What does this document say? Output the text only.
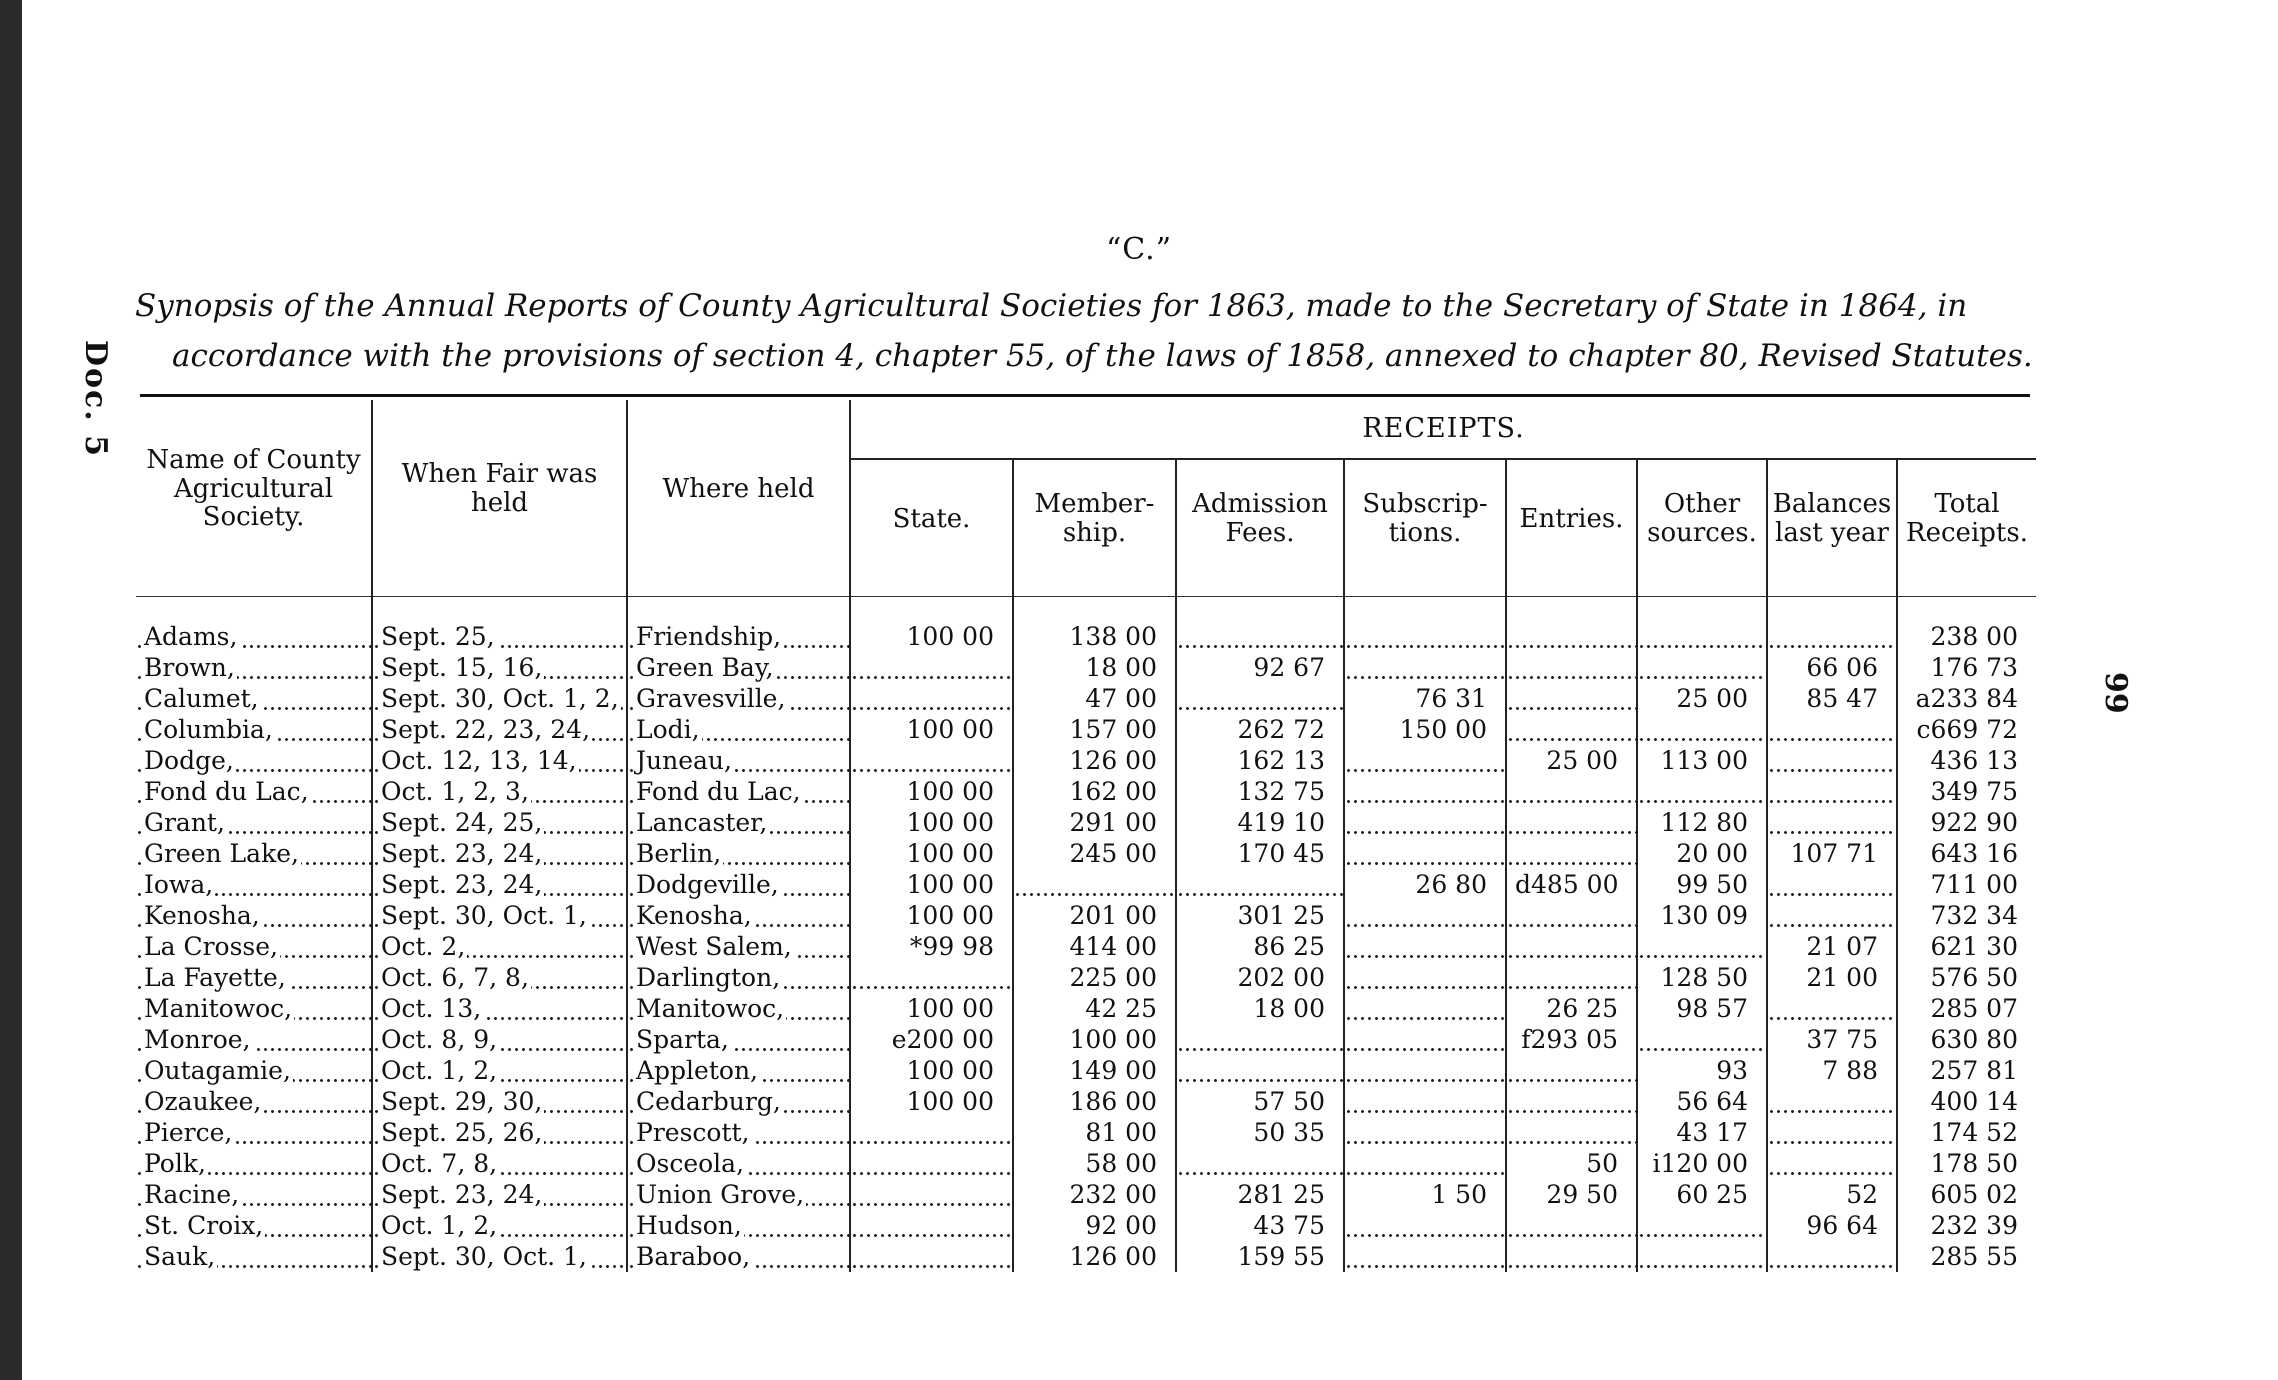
Doc. 5
99
“C.”
Synopsis of the Annual Reports of County Agricultural Societies for 1863, made to the Secretary of State in 1864, in
accordance with the provisions of section 4, chapter 55, of the laws of 1858, annexed to chapter 80, Revised Statutes.
Name of County Agricultural Society.	When Fair was held	Where held	RECEIPTS.							
			State.	Member-ship.	Admission Fees.	Subscrip-tions.	Entries.	Other sources.	Balances last year	Total Receipts.

Adams,	Sept. 25,	Friendship,	100 00	138 00						238 00
Brown,	Sept. 15, 16,	Green Bay,		18 00	92 67				66 06	176 73
Calumet,	Sept. 30, Oct. 1, 2,	Gravesville,		47 00		76 31		25 00	85 47	a233 84
Columbia,	Sept. 22, 23, 24,	Lodi,	100 00	157 00	262 72	150 00				c669 72
Dodge,	Oct. 12, 13, 14,	Juneau,		126 00	162 13		25 00	113 00		436 13
Fond du Lac,	Oct. 1, 2, 3,	Fond du Lac,	100 00	162 00	132 75					349 75
Grant,	Sept. 24, 25,	Lancaster,	100 00	291 00	419 10			112 80		922 90
Green Lake,	Sept. 23, 24,	Berlin,	100 00	245 00	170 45			20 00	107 71	643 16
Iowa,	Sept. 23, 24,	Dodgeville,	100 00			26 80	d485 00	99 50		711 00
Kenosha,	Sept. 30, Oct. 1,	Kenosha,	100 00	201 00	301 25			130 09		732 34
La Crosse,	Oct. 2,	West Salem,	*99 98	414 00	86 25				21 07	621 30
La Fayette,	Oct. 6, 7, 8,	Darlington,		225 00	202 00			128 50	21 00	576 50
Manitowoc,	Oct. 13,	Manitowoc,	100 00	42 25	18 00		26 25	98 57		285 07
Monroe,	Oct. 8, 9,	Sparta,	e200 00	100 00			f293 05		37 75	630 80
Outagamie,	Oct. 1, 2,	Appleton,	100 00	149 00				93	7 88	257 81
Ozaukee,	Sept. 29, 30,	Cedarburg,	100 00	186 00	57 50			56 64		400 14
Pierce,	Sept. 25, 26,	Prescott,		81 00	50 35			43 17		174 52
Polk,	Oct. 7, 8,	Osceola,		58 00			50	i120 00		178 50
Racine,	Sept. 23, 24,	Union Grove,		232 00	281 25	1 50	29 50	60 25	52	605 02
St. Croix,	Oct. 1, 2,	Hudson,		92 00	43 75				96 64	232 39
Sauk,	Sept. 30, Oct. 1,	Baraboo,		126 00	159 55					285 55
